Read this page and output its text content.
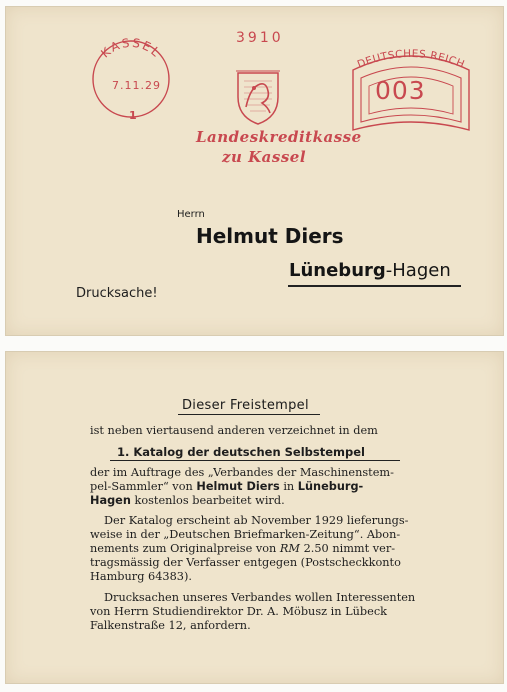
3910
KASSEL
7.11.29
1
Landeskreditkasse
zu Kassel
DEUTSCHES REICH
003
Herrn
Helmut Diers
Lüneburg-Hagen
Drucksache!
Dieser Freistempel
ist neben viertausend anderen verzeichnet in dem
1. Katalog der deutschen Selbstempel
der im Auftrage des „Verbandes der Maschinenstem-
pel-Sammler“ von Helmut Diers in Lüneburg-
Hagen kostenlos bearbeitet wird.
Der Katalog erscheint ab November 1929 lieferungs-
weise in der „Deutschen Briefmarken-Zeitung“. Abon-
nements zum Originalpreise von RM 2.50 nimmt ver-
tragsmässig der Verfasser entgegen (Postscheckkonto
Hamburg 64383).
Drucksachen unseres Verbandes wollen Interessenten
von Herrn Studiendirektor Dr. A. Möbusz in Lübeck
Falkenstraße 12, anfordern.
